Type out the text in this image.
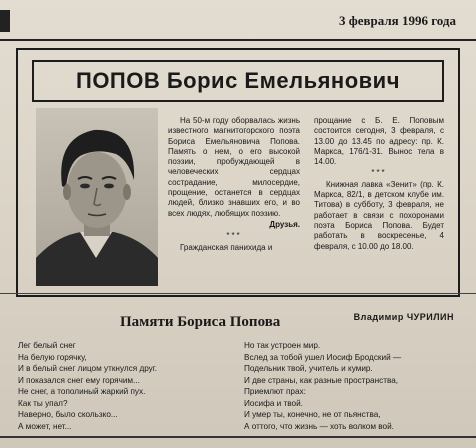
3 февраля 1996 года
ПОПОВ Борис Емельянович
На 50-м году оборвалась жизнь известного магнитогорского поэта Бориса Емельяновича Попова. Память о нем, о его высокой поэзии, пробуждающей в человеческих сердцах сострадание, милосердие, прощение, останется в сердцах людей, близко знавших его, и во всех людях, любящих поэзию.
Друзья.
***
Гражданская панихида и
прощание с Б. Е. Поповым состоится сегодня, 3 февраля, с 13.00 до 13.45 по адресу: пр. К. Маркса, 176/1-31. Вынос тела в 14.00.
***
Книжная лавка «Зенит» (пр. К. Маркса, 82/1, в детском клубе им. Титова) в субботу, 3 февраля, не работает в связи с похоронами поэта Бориса Попова. Будет работать в воскресенье, 4 февраля, с 10.00 до 18.00.
Памяти Бориса Попова	Владимир ЧУРИЛИН
Лег белый снег
На белую горячку,
И в белый снег лицом уткнулся друг.
И показался снег ему горячим...
Не снег, а тополиный жаркий пух.
Как ты упал?
Наверно, было скользко...
А может, нет...
Но так устроен мир.
Вслед за тобой ушел Иосиф Бродский —
Подельник твой, учитель и кумир.
И две страны, как разные пространства,
Приемлют прах:
Иосифа и твой.
И умер ты, конечно, не от пьянства,
А оттого, что жизнь — хоть волком вой.
